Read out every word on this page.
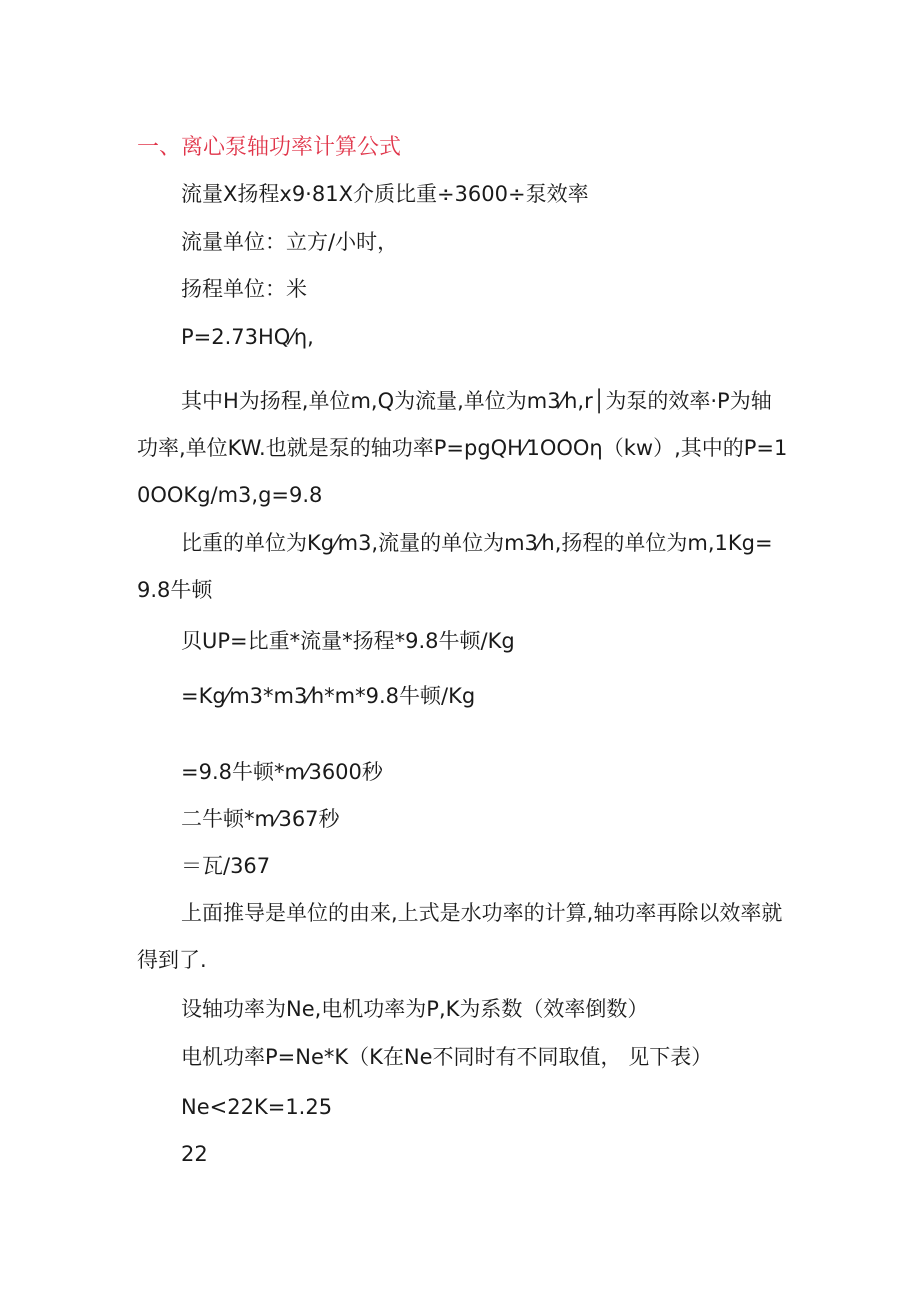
一、离心泵轴功率计算公式
流量X扬程x9·81X介质比重÷3600÷泵效率
流量单位：立方/小时，
扬程单位：米
P=2.73HQ⁄η,
其中H为扬程,单位m,Q为流量,单位为m3⁄h,r│为泵的效率·P为轴功率,单位KW.也就是泵的轴功率P=pgQH⁄1OOOη（kw）,其中的P=10OOKg/m3,g=9.8
比重的单位为Kg⁄m3,流量的单位为m3⁄h,扬程的单位为m,1Kg=9.8牛顿
贝UP=比重*流量*扬程*9.8牛顿/Kg
=Kg⁄m3*m3⁄h*m*9.8牛顿/Kg
=9.8牛顿*m⁄3600秒
二牛顿*m⁄367秒
＝瓦/367
上面推导是单位的由来,上式是水功率的计算,轴功率再除以效率就得到了.
设轴功率为Ne,电机功率为P,K为系数（效率倒数）
电机功率P=Ne*K（K在Ne不同时有不同取值， 见下表）
Ne<22K=1.25
22
